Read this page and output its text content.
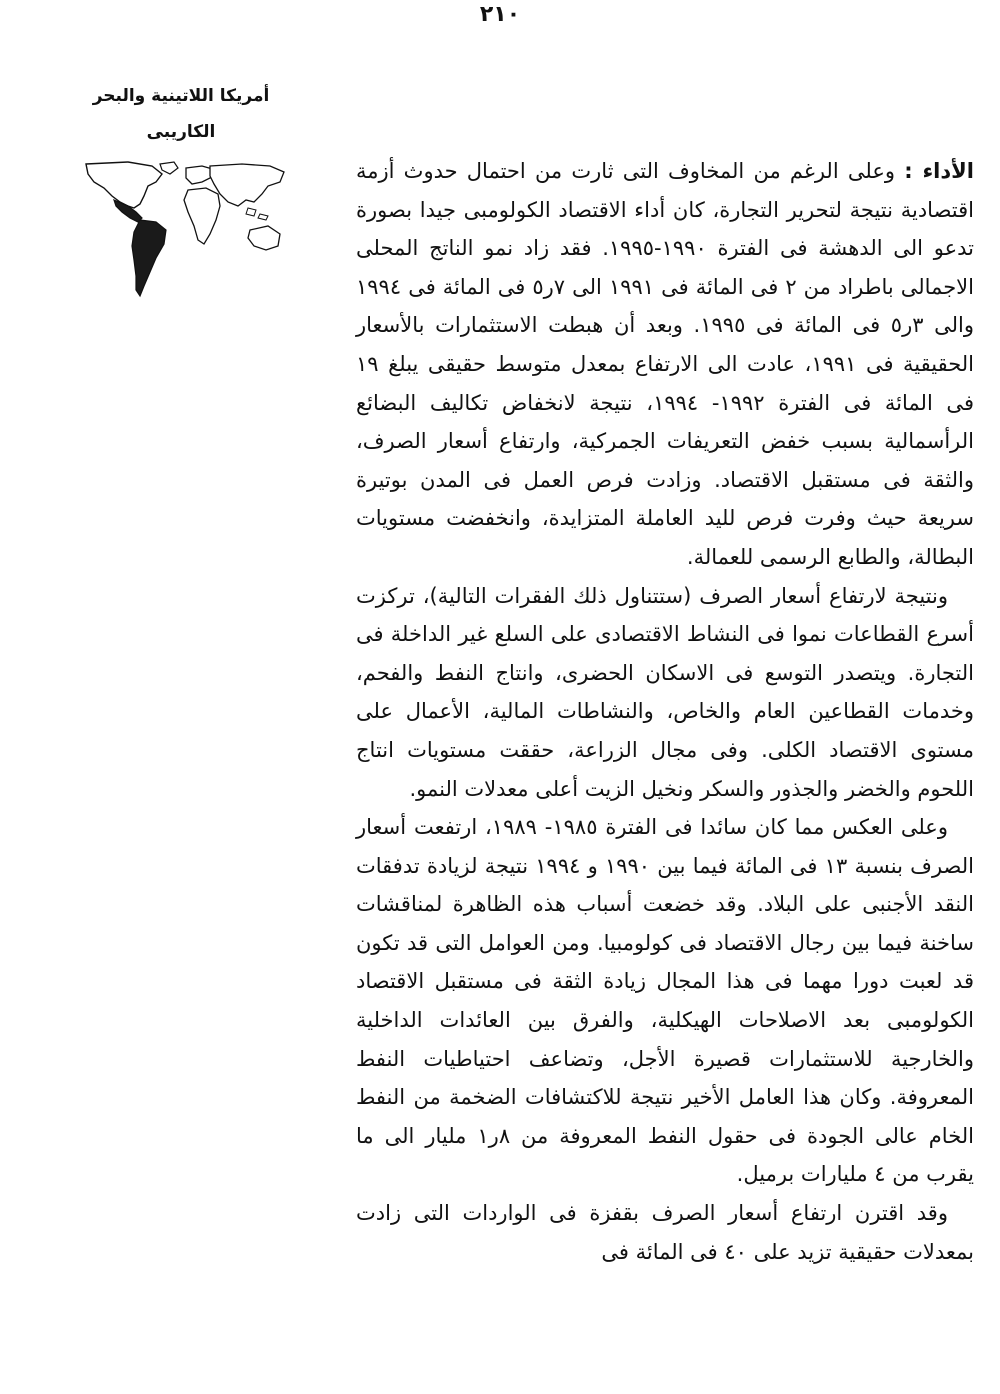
٢١٠

أمريكا اللاتينية والبحر الكاريبى

الأداء : وعلى الرغم من المخاوف التى ثارت من احتمال حدوث أزمة اقتصادية نتيجة لتحرير التجارة، كان أداء الاقتصاد الكولومبى جيدا بصورة تدعو الى الدهشة فى الفترة ١٩٩٠-١٩٩٥. فقد زاد نمو الناتج المحلى الاجمالى باطراد من ٢ فى المائة فى ١٩٩١ الى ٧ر٥ فى المائة فى ١٩٩٤ والى ٣ر٥ فى المائة فى ١٩٩٥. وبعد أن هبطت الاستثمارات بالأسعار الحقيقية فى ١٩٩١، عادت الى الارتفاع بمعدل متوسط حقيقى يبلغ ١٩ فى المائة فى الفترة ١٩٩٢- ١٩٩٤، نتيجة لانخفاض تكاليف البضائع الرأسمالية بسبب خفض التعريفات الجمركية، وارتفاع أسعار الصرف، والثقة فى مستقبل الاقتصاد. وزادت فرص العمل فى المدن بوتيرة سريعة حيث وفرت فرص لليد العاملة المتزايدة، وانخفضت مستويات البطالة، والطابع الرسمى للعمالة.

ونتيجة لارتفاع أسعار الصرف (ستتناول ذلك الفقرات التالية)، تركزت أسرع القطاعات نموا فى النشاط الاقتصادى على السلع غير الداخلة فى التجارة. ويتصدر التوسع فى الاسكان الحضرى، وانتاج النفط والفحم، وخدمات القطاعين العام والخاص، والنشاطات المالية، الأعمال على مستوى الاقتصاد الكلى. وفى مجال الزراعة، حققت مستويات انتاج اللحوم والخضر والجذور والسكر ونخيل الزيت أعلى معدلات النمو.

وعلى العكس مما كان سائدا فى الفترة ١٩٨٥- ١٩٨٩، ارتفعت أسعار الصرف بنسبة ١٣ فى المائة فيما بين ١٩٩٠ و ١٩٩٤ نتيجة لزيادة تدفقات النقد الأجنبى على البلاد. وقد خضعت أسباب هذه الظاهرة لمناقشات ساخنة فيما بين رجال الاقتصاد فى كولومبيا. ومن العوامل التى قد تكون قد لعبت دورا مهما فى هذا المجال زيادة الثقة فى مستقبل الاقتصاد الكولومبى بعد الاصلاحات الهيكلية، والفرق بين العائدات الداخلية والخارجية للاستثمارات قصيرة الأجل، وتضاعف احتياطيات النفط المعروفة. وكان هذا العامل الأخير نتيجة للاكتشافات الضخمة من النفط الخام عالى الجودة فى حقول النفط المعروفة من ٨ر١ مليار الى ما يقرب من ٤ مليارات برميل.

وقد اقترن ارتفاع أسعار الصرف بقفزة فى الواردات التى زادت بمعدلات حقيقية تزيد على ٤٠ فى المائة فى
